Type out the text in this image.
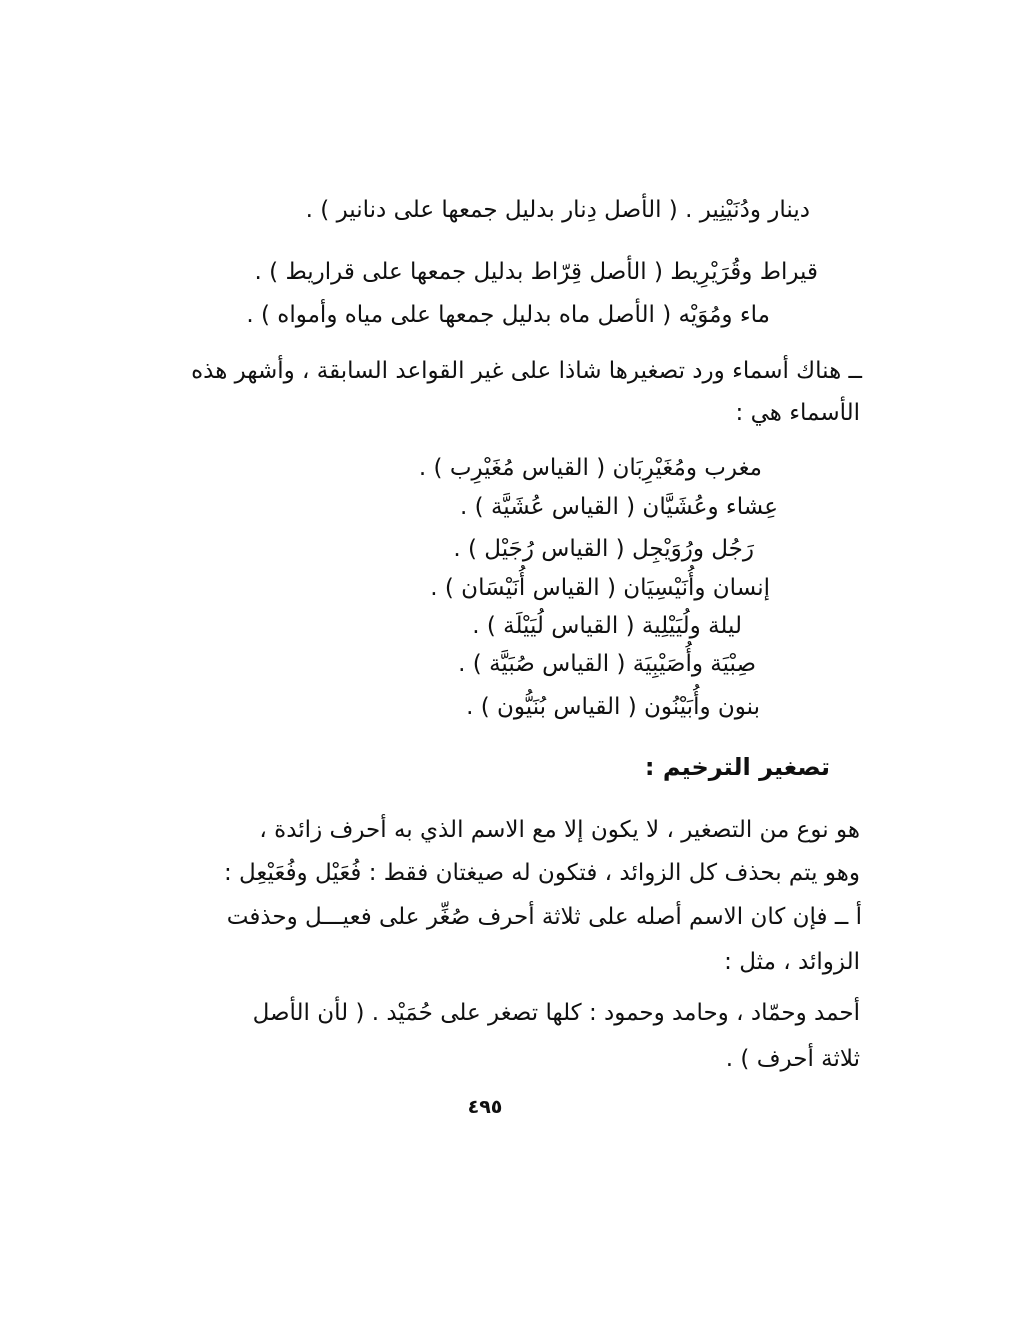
دينار ودُنَيْنِير . ( الأصل دِنار بدليل جمعها على دنانير ) .
قيراط وقُرَيْرِيط ( الأصل قِرّاط بدليل جمعها على قراريط ) .
ماء ومُوَيْه ( الأصل ماه بدليل جمعها على مياه وأمواه ) .
ــ هناك أسماء ورد تصغيرها شاذا على غير القواعد السابقة ، وأشهر هذه
الأسماء هي :
مغرب ومُغَيْرِبَان ( القياس مُغَيْرِب ) .
عِشاء وعُشَيَّان ( القياس عُشَيَّة ) .
رَجُل ورُوَيْجِل ( القياس رُجَيْل ) .
إنسان وأُنَيْسِيَان ( القياس أُنَيْسَان ) .
ليلة ولُيَيْلِية ( القياس لُيَيْلَة ) .
صِبْيَة وأُصَيْبِيَة ( القياس صُبَيَّة ) .
بنون وأُبَيْنُون ( القياس بُنَيُّون ) .
تصغير الترخيم :
هو نوع من التصغير ، لا يكون إلا مع الاسم الذي به أحرف زائدة ،
وهو يتم بحذف كل الزوائد ، فتكون له صيغتان فقط : فُعَيْل وفُعَيْعِل :
أ ــ فإن كان الاسم أصله على ثلاثة أحرف صُغِّر على فعيـــل وحذفت
الزوائد ، مثل :
أحمد وحمّاد ، وحامد وحمود : كلها تصغر على حُمَيْد . ( لأن الأصل
ثلاثة أحرف ) .
٤٩٥
